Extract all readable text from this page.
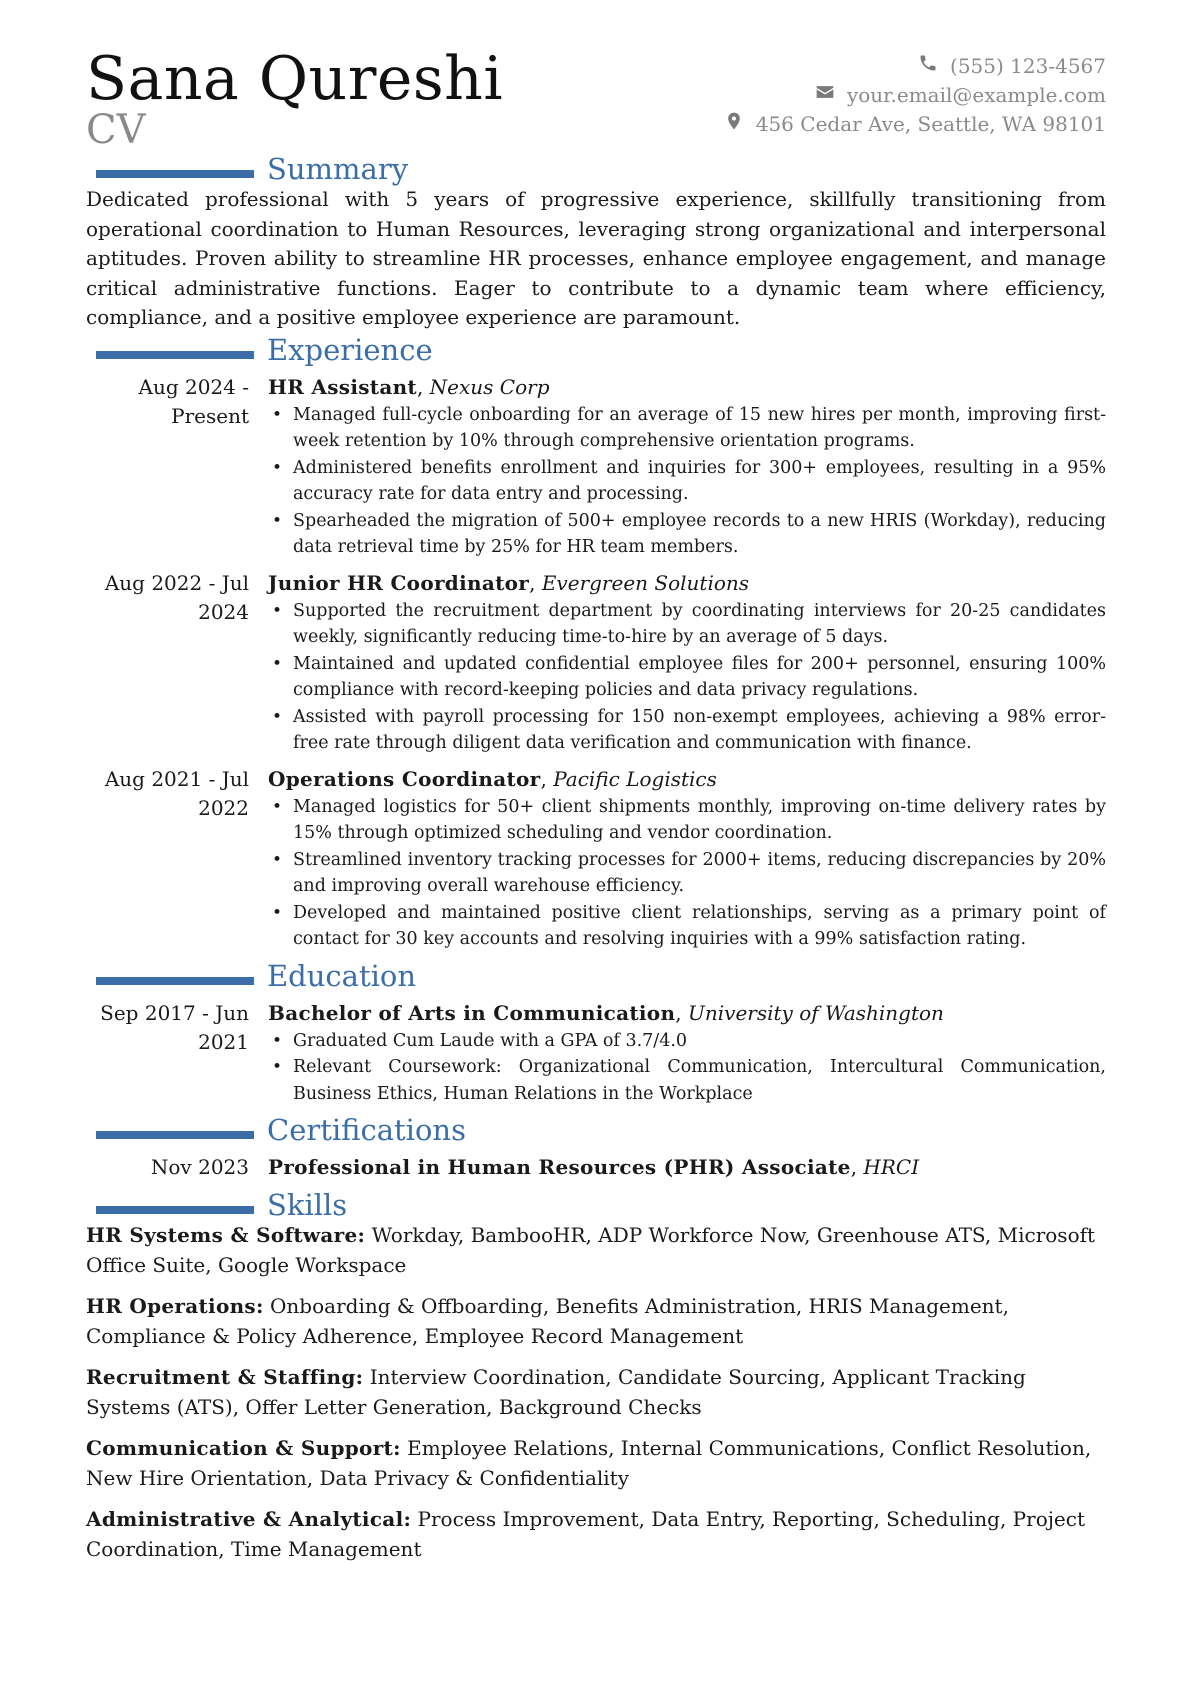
Sana Qureshi
CV
(555) 123-4567
your.email@example.com
456 Cedar Ave, Seattle, WA 98101
Summary
Dedicated professional with 5 years of progressive experience, skillfully transitioning from operational coordination to Human Resources, leveraging strong organizational and interpersonal aptitudes. Proven ability to streamline HR processes, enhance employee engagement, and manage critical administrative functions. Eager to contribute to a dynamic team where efficiency, compliance, and a positive employee experience are paramount.
Experience
Aug 2024 - Present
HR Assistant, Nexus Corp
• Managed full-cycle onboarding for an average of 15 new hires per month, improving first-week retention by 10% through comprehensive orientation programs.
• Administered benefits enrollment and inquiries for 300+ employees, resulting in a 95% accuracy rate for data entry and processing.
• Spearheaded the migration of 500+ employee records to a new HRIS (Workday), reducing data retrieval time by 25% for HR team members.
Aug 2022 - Jul 2024
Junior HR Coordinator, Evergreen Solutions
• Supported the recruitment department by coordinating interviews for 20-25 candidates weekly, significantly reducing time-to-hire by an average of 5 days.
• Maintained and updated confidential employee files for 200+ personnel, ensuring 100% compliance with record-keeping policies and data privacy regulations.
• Assisted with payroll processing for 150 non-exempt employees, achieving a 98% error-free rate through diligent data verification and communication with finance.
Aug 2021 - Jul 2022
Operations Coordinator, Pacific Logistics
• Managed logistics for 50+ client shipments monthly, improving on-time delivery rates by 15% through optimized scheduling and vendor coordination.
• Streamlined inventory tracking processes for 2000+ items, reducing discrepancies by 20% and improving overall warehouse efficiency.
• Developed and maintained positive client relationships, serving as a primary point of contact for 30 key accounts and resolving inquiries with a 99% satisfaction rating.
Education
Sep 2017 - Jun 2021
Bachelor of Arts in Communication, University of Washington
• Graduated Cum Laude with a GPA of 3.7/4.0
• Relevant Coursework: Organizational Communication, Intercultural Communication, Business Ethics, Human Relations in the Workplace
Certifications
Nov 2023 Professional in Human Resources (PHR) Associate, HRCI
Skills
HR Systems & Software: Workday, BambooHR, ADP Workforce Now, Greenhouse ATS, Microsoft Office Suite, Google Workspace
HR Operations: Onboarding & Offboarding, Benefits Administration, HRIS Management, Compliance & Policy Adherence, Employee Record Management
Recruitment & Staffing: Interview Coordination, Candidate Sourcing, Applicant Tracking Systems (ATS), Offer Letter Generation, Background Checks
Communication & Support: Employee Relations, Internal Communications, Conflict Resolution, New Hire Orientation, Data Privacy & Confidentiality
Administrative & Analytical: Process Improvement, Data Entry, Reporting, Scheduling, Project Coordination, Time Management
